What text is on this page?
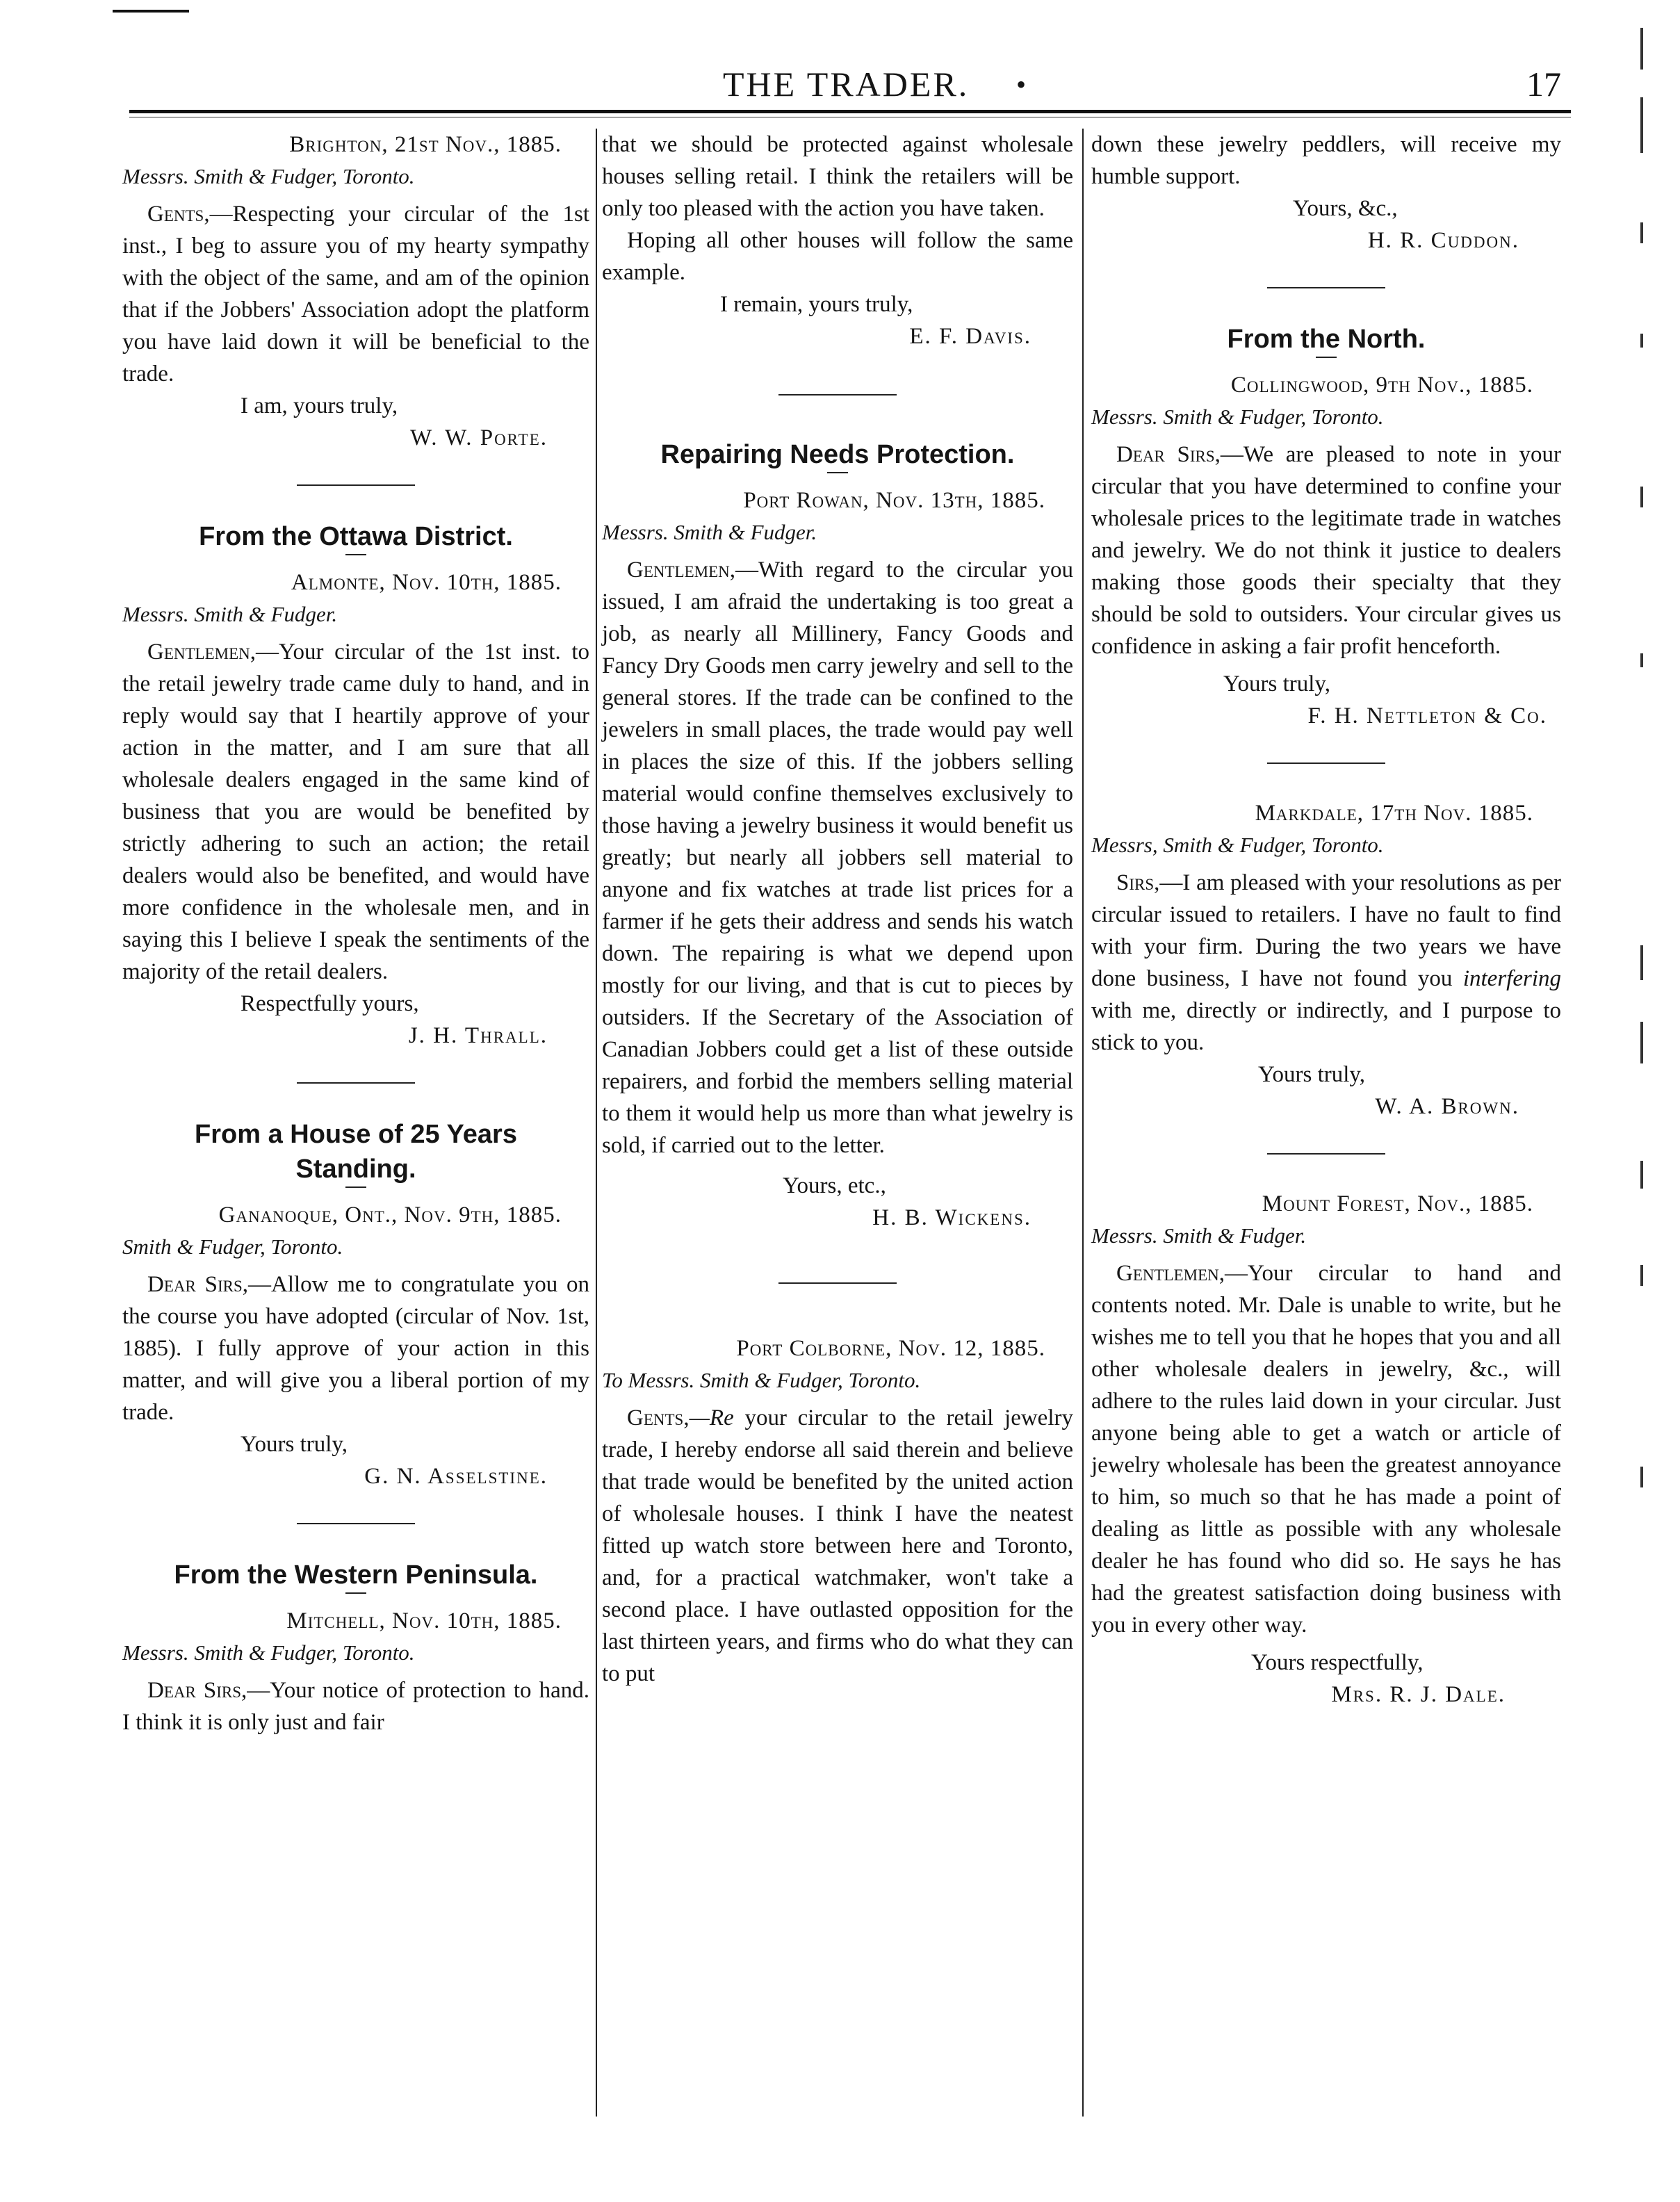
THE TRADER. •	17

Brighton, 21st Nov., 1885.

Messrs. Smith & Fudger, Toronto.

Gents,—Respecting your circular of the 1st inst., I beg to assure you of my hearty sympathy with the object of the same, and am of the opinion that if the Jobbers' Association adopt the platform you have laid down it will be beneficial to the trade.

I am, yours truly,

W. W. Porte.

From the Ottawa District.

Almonte, Nov. 10th, 1885.

Messrs. Smith & Fudger.

Gentlemen,—Your circular of the 1st inst. to the retail jewelry trade came duly to hand, and in reply would say that I heartily approve of your action in the matter, and I am sure that all wholesale dealers engaged in the same kind of business that you are would be benefited by strictly adhering to such an action; the retail dealers would also be benefited, and would have more confidence in the wholesale men, and in saying this I believe I speak the sentiments of the majority of the retail dealers.

Respectfully yours,

J. H. Thrall.

From a House of 25 Years Standing.

Gananoque, Ont., Nov. 9th, 1885.

Smith & Fudger, Toronto.

Dear Sirs,—Allow me to congratulate you on the course you have adopted (circular of Nov. 1st, 1885). I fully approve of your action in this matter, and will give you a liberal portion of my trade.

Yours truly,

G. N. Asselstine.

From the Western Peninsula.

Mitchell, Nov. 10th, 1885.

Messrs. Smith & Fudger, Toronto.

Dear Sirs,—Your notice of protection to hand. I think it is only just and fair

that we should be protected against wholesale houses selling retail. I think the retailers will be only too pleased with the action you have taken.

Hoping all other houses will follow the same example.

I remain, yours truly,

E. F. Davis.

Repairing Needs Protection.

Port Rowan, Nov. 13th, 1885.

Messrs. Smith & Fudger.

Gentlemen,—With regard to the circular you issued, I am afraid the undertaking is too great a job, as nearly all Millinery, Fancy Goods and Fancy Dry Goods men carry jewelry and sell to the general stores. If the trade can be confined to the jewelers in small places, the trade would pay well in places the size of this. If the jobbers selling material would confine themselves exclusively to those having a jewelry business it would benefit us greatly; but nearly all jobbers sell material to anyone and fix watches at trade list prices for a farmer if he gets their address and sends his watch down. The repairing is what we depend upon mostly for our living, and that is cut to pieces by outsiders. If the Secretary of the Association of Canadian Jobbers could get a list of these outside repairers, and forbid the members selling material to them it would help us more than what jewelry is sold, if carried out to the letter.

Yours, etc.,

H. B. Wickens.

Port Colborne, Nov. 12, 1885.

To Messrs. Smith & Fudger, Toronto.

Gents,—Re your circular to the retail jewelry trade, I hereby endorse all said therein and believe that trade would be benefited by the united action of wholesale houses. I think I have the neatest fitted up watch store between here and Toronto, and, for a practical watchmaker, won't take a second place. I have outlasted opposition for the last thirteen years, and firms who do what they can to put

down these jewelry peddlers, will receive my humble support.

Yours, &c.,

H. R. Cuddon.

From the North.

Collingwood, 9th Nov., 1885.

Messrs. Smith & Fudger, Toronto.

Dear Sirs,—We are pleased to note in your circular that you have determined to confine your wholesale prices to the legitimate trade in watches and jewelry. We do not think it justice to dealers making those goods their specialty that they should be sold to outsiders. Your circular gives us confidence in asking a fair profit henceforth.

Yours truly,

F. H. Nettleton & Co.

Markdale, 17th Nov. 1885.

Messrs, Smith & Fudger, Toronto.

Sirs,—I am pleased with your resolutions as per circular issued to retailers. I have no fault to find with your firm. During the two years we have done business, I have not found you interfering with me, directly or indirectly, and I purpose to stick to you.

Yours truly,

W. A. Brown.

Mount Forest, Nov., 1885.

Messrs. Smith & Fudger.

Gentlemen,—Your circular to hand and contents noted. Mr. Dale is unable to write, but he wishes me to tell you that he hopes that you and all other wholesale dealers in jewelry, &c., will adhere to the rules laid down in your circular. Just anyone being able to get a watch or article of jewelry wholesale has been the greatest annoyance to him, so much so that he has made a point of dealing as little as possible with any wholesale dealer he has found who did so. He says he has had the greatest satisfaction doing business with you in every other way.

Yours respectfully,

Mrs. R. J. Dale.
